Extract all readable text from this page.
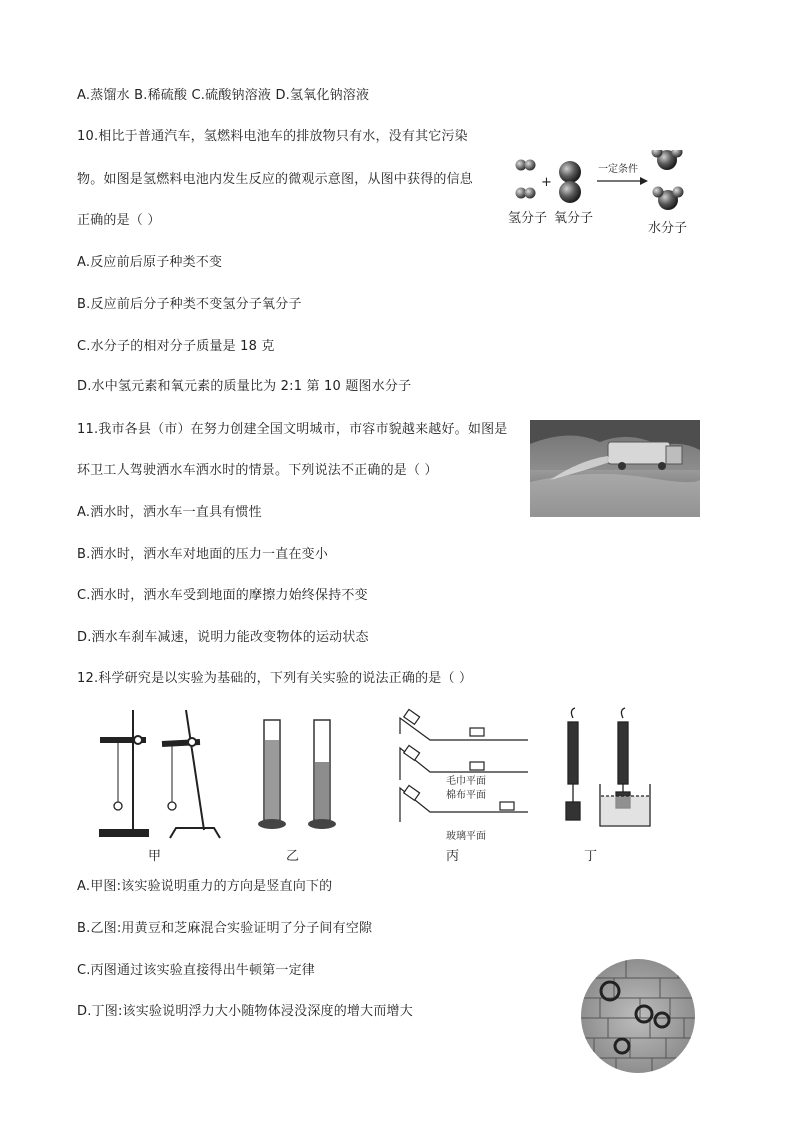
A.蒸馏水 B.稀硫酸 C.硫酸钠溶液 D.氢氧化钠溶液
10.相比于普通汽车，氢燃料电池车的排放物只有水，没有其它污染
物。如图是氢燃料电池内发生反应的微观示意图，从图中获得的信息
正确的是（ ）
+
一定条件
氢分子 氧分子
水分子
A.反应前后原子种类不变
B.反应前后分子种类不变氢分子氧分子
C.水分子的相对分子质量是 18 克
D.水中氢元素和氧元素的质量比为 2:1 第 10 题图水分子
11.我市各县（市）在努力创建全国文明城市，市容市貌越来越好。如图是
环卫工人驾驶洒水车洒水时的情景。下列说法不正确的是（ ）
A.洒水时，洒水车一直具有惯性
B.洒水时，洒水车对地面的压力一直在变小
C.洒水时，洒水车受到地面的摩擦力始终保持不变
D.洒水车刹车减速，说明力能改变物体的运动状态
12.科学研究是以实验为基础的，下列有关实验的说法正确的是（ ）
甲	乙
毛巾平面
棉布平面
玻璃平面
丙	丁
A.甲图:该实验说明重力的方向是竖直向下的
B.乙图:用黄豆和芝麻混合实验证明了分子间有空隙
C.丙图通过该实验直接得出牛顿第一定律
D.丁图:该实验说明浮力大小随物体浸没深度的增大而增大
